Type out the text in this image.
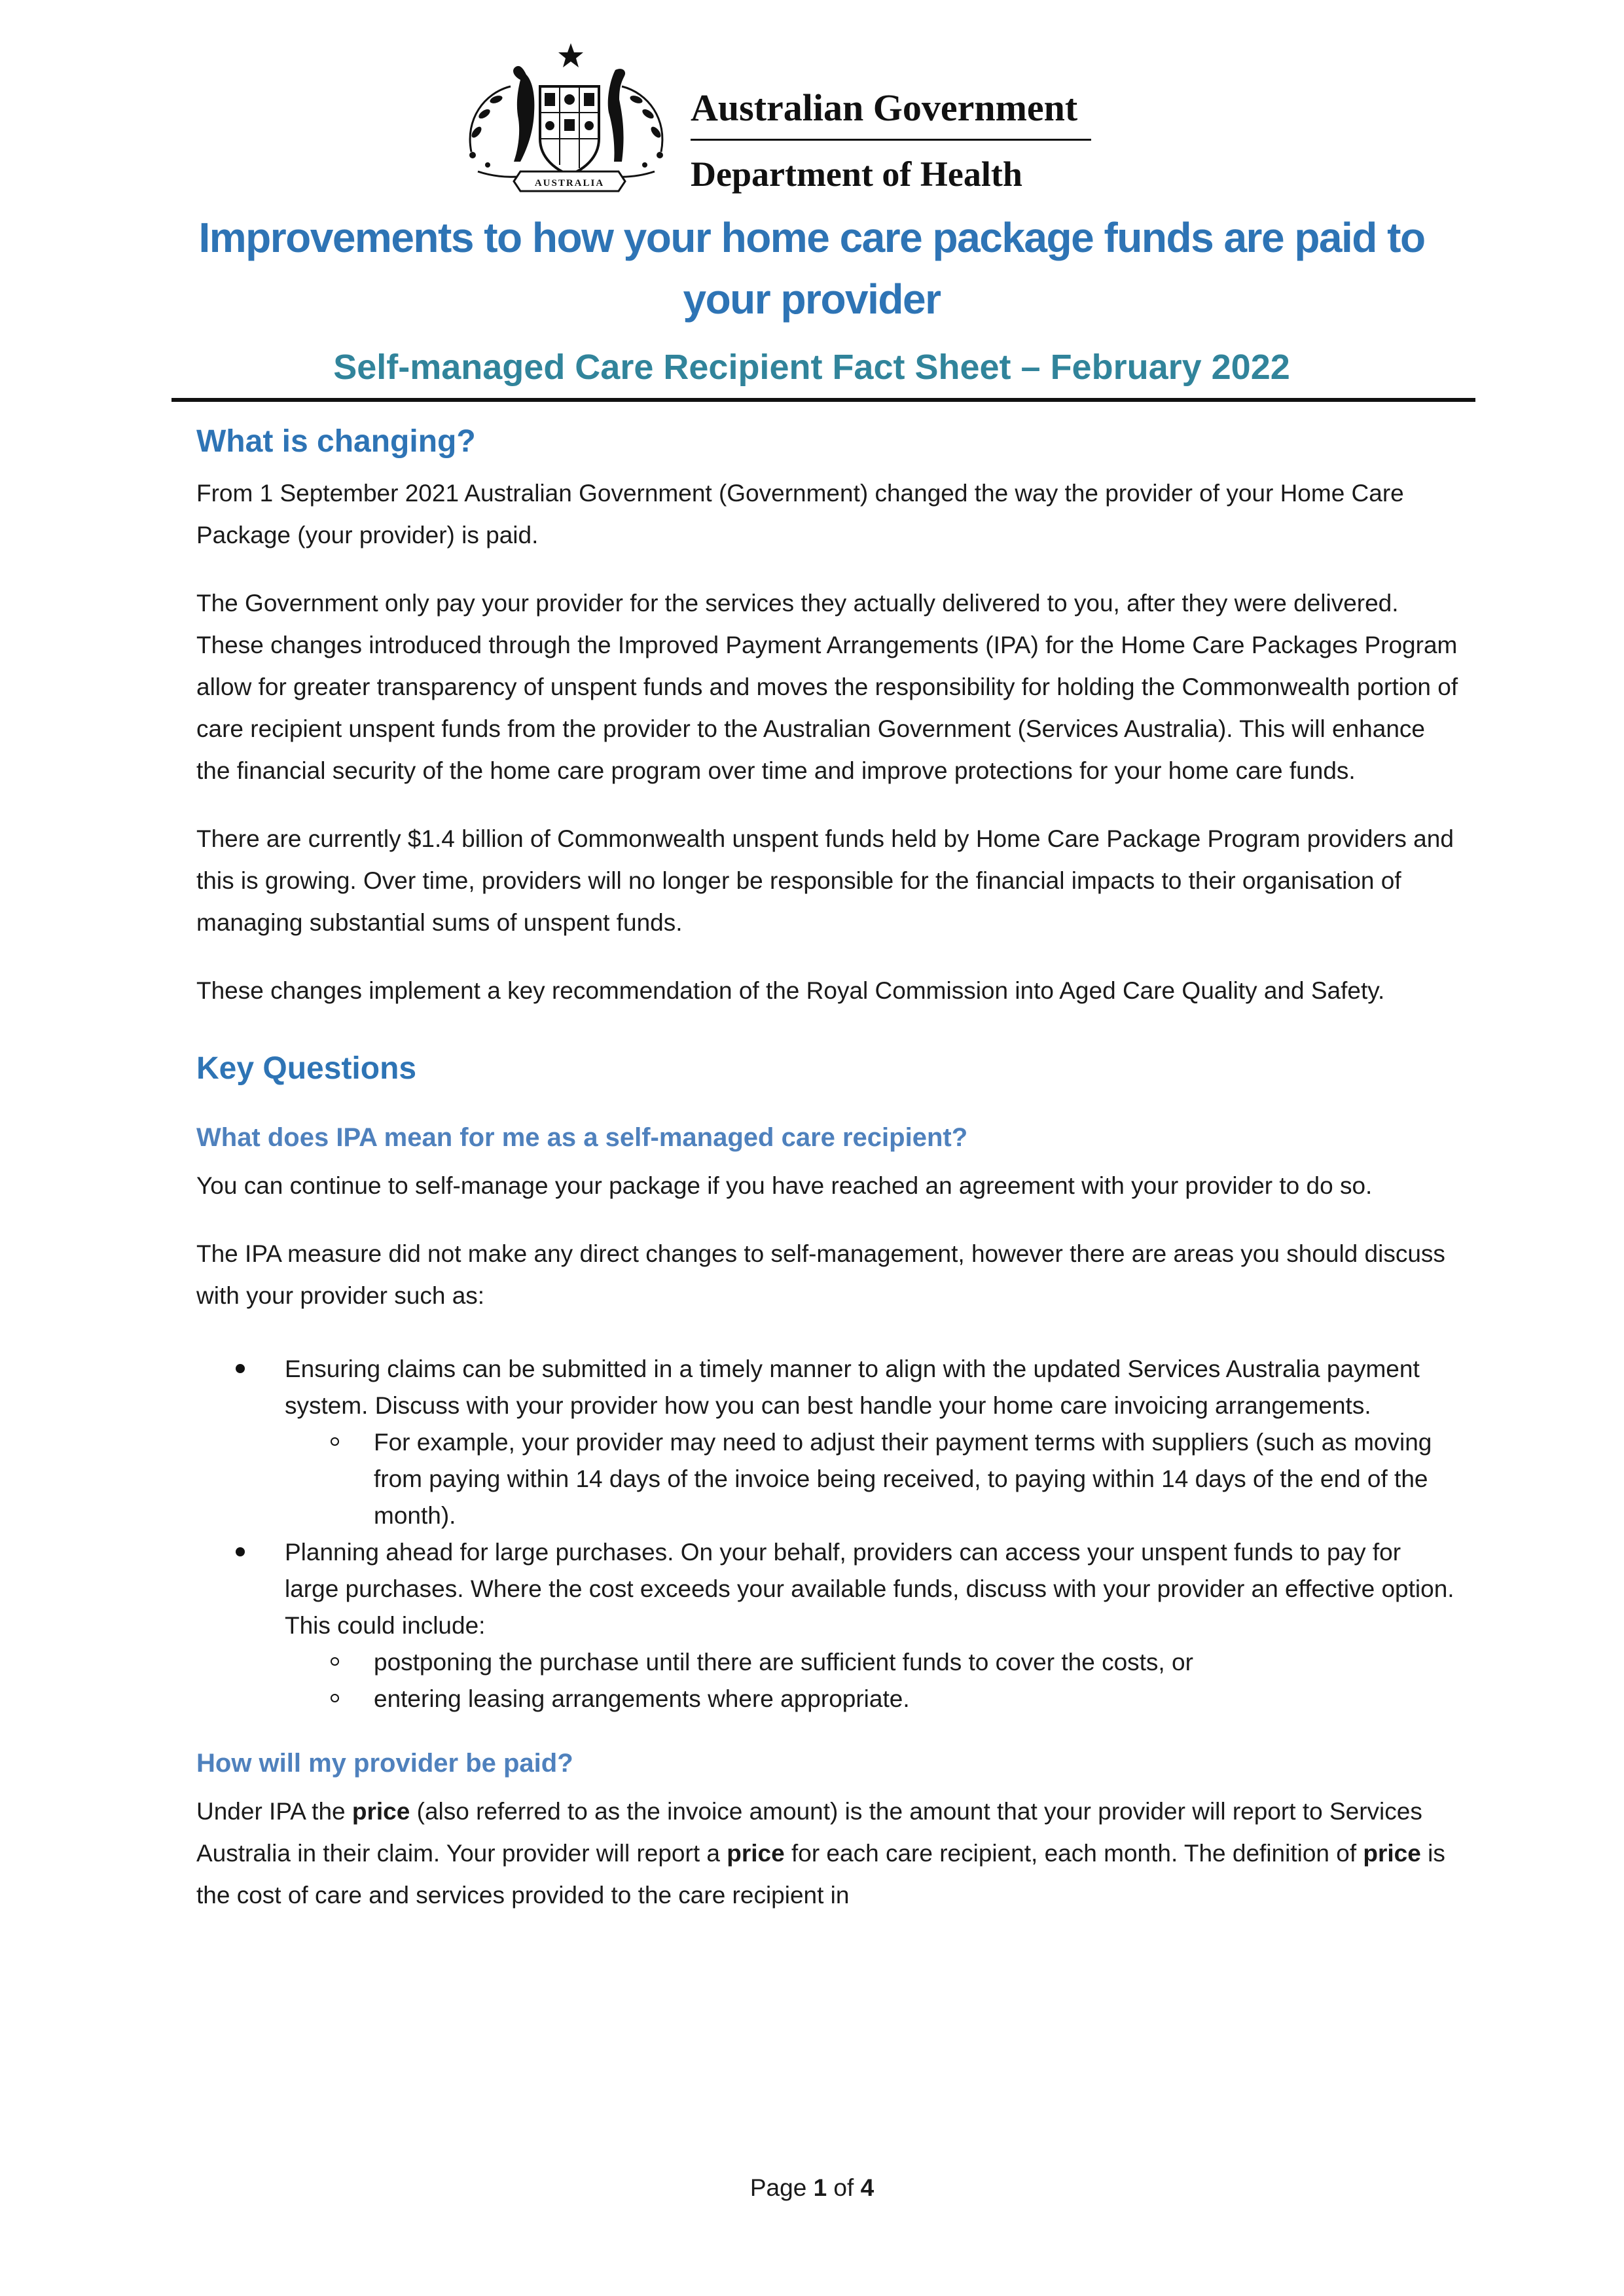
AUSTRALIA
Australian Government
Department of Health
Improvements to how your home care package funds are paid to your provider
Self-managed Care Recipient Fact Sheet – February 2022
What is changing?

From 1 September 2021 Australian Government (Government) changed the way the provider of your Home Care Package (your provider) is paid.

The Government only pay your provider for the services they actually delivered to you, after they were delivered. These changes introduced through the Improved Payment Arrangements (IPA) for the Home Care Packages Program allow for greater transparency of unspent funds and moves the responsibility for holding the Commonwealth portion of care recipient unspent funds from the provider to the Australian Government (Services Australia). This will enhance the financial security of the home care program over time and improve protections for your home care funds.

There are currently $1.4 billion of Commonwealth unspent funds held by Home Care Package Program providers and this is growing. Over time, providers will no longer be responsible for the financial impacts to their organisation of managing substantial sums of unspent funds.

These changes implement a key recommendation of the Royal Commission into Aged Care Quality and Safety.

Key Questions
What does IPA mean for me as a self-managed care recipient?

You can continue to self-manage your package if you have reached an agreement with your provider to do so.

The IPA measure did not make any direct changes to self-management, however there are areas you should discuss with your provider such as:

Ensuring claims can be submitted in a timely manner to align with the updated Services Australia payment system. Discuss with your provider how you can best handle your home care invoicing arrangements.
For example, your provider may need to adjust their payment terms with suppliers (such as moving from paying within 14 days of the invoice being received, to paying within 14 days of the end of the month).
Planning ahead for large purchases. On your behalf, providers can access your unspent funds to pay for large purchases. Where the cost exceeds your available funds, discuss with your provider an effective option. This could include:
postponing the purchase until there are sufficient funds to cover the costs, or
entering leasing arrangements where appropriate.
How will my provider be paid?

Under IPA the price (also referred to as the invoice amount) is the amount that your provider will report to Services Australia in their claim. Your provider will report a price for each care recipient, each month. The definition of price is the cost of care and services provided to the care recipient in

Page 1 of 4
